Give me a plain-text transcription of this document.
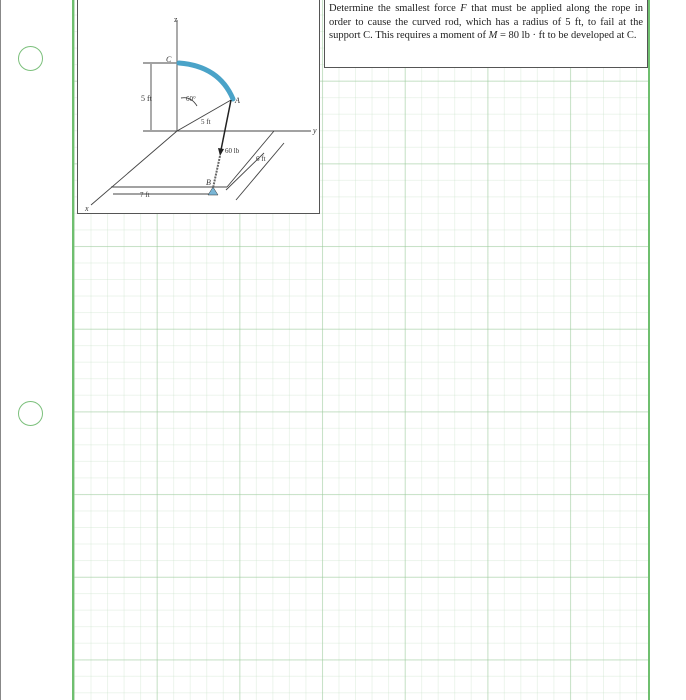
z
y
x
C
A
B
5 ft	60°
5 ft
60 lb
6 ft
7 ft
Determine the smallest force F that must be applied along the rope in order to cause the curved rod, which has a radius of 5 ft, to fail at the support C. This requires a moment of M = 80 lb · ft to be developed at C.
